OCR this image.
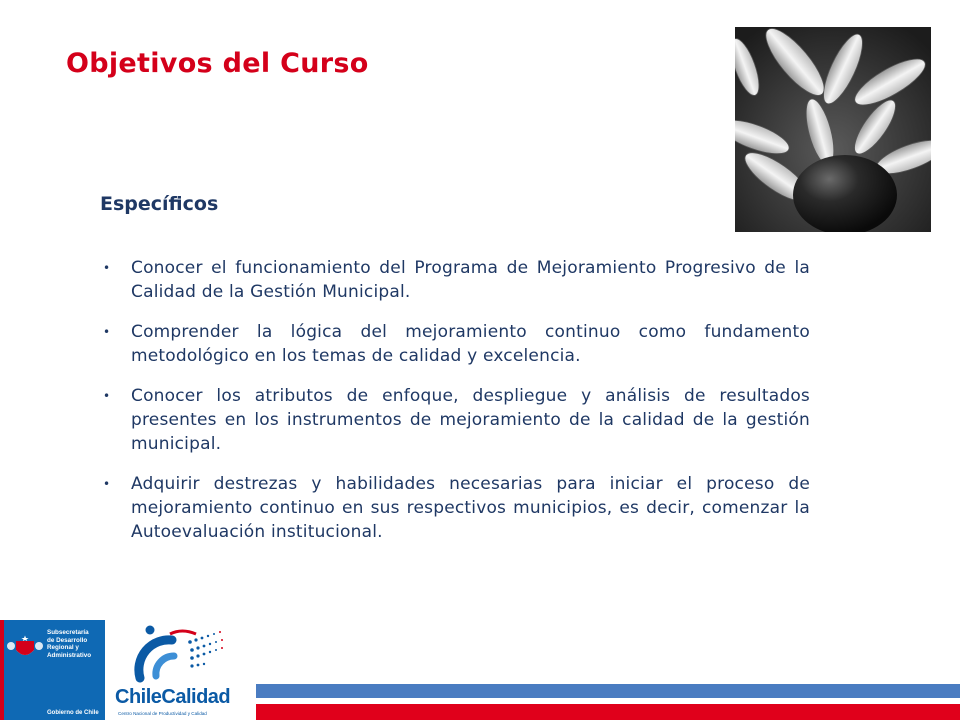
Objetivos del Curso
Específicos
• Conocer el funcionamiento del Programa de Mejoramiento Progresivo de la Calidad de la Gestión Municipal.
• Comprender la lógica del mejoramiento continuo como fundamento metodológico en los temas de calidad y excelencia.
• Conocer los atributos de enfoque, despliegue y análisis de resultados presentes en los instrumentos de mejoramiento de la calidad de la gestión municipal.
• Adquirir destrezas y habilidades necesarias para iniciar el proceso de mejoramiento continuo en sus respectivos municipios, es decir, comenzar la Autoevaluación institucional.
Subsecretaría
de Desarrollo
Regional y
Administrativo
Gobierno de Chile
ChileCalidad
Centro Nacional de Productividad y Calidad
